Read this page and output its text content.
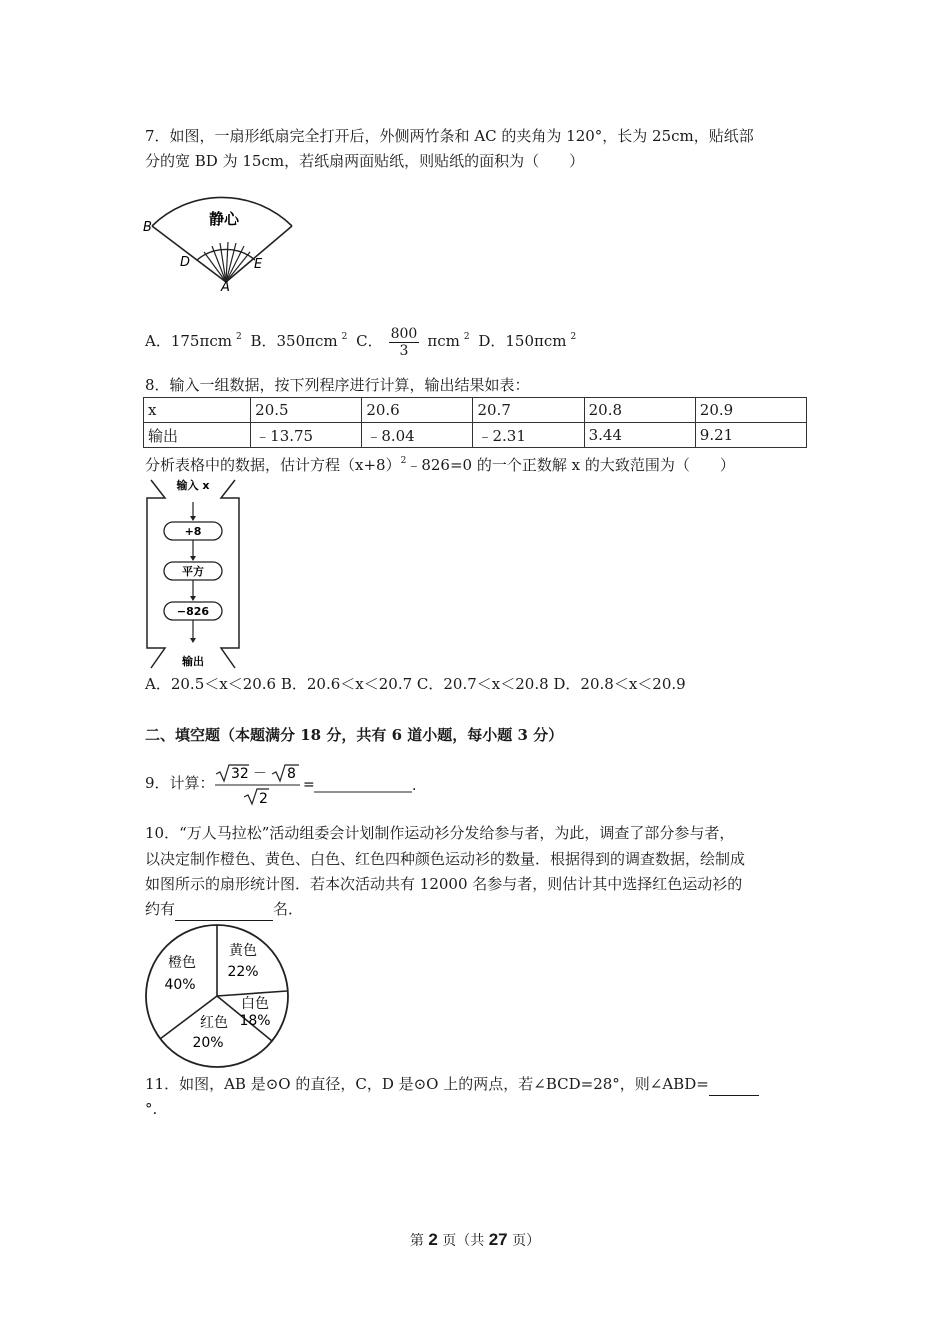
7．如图，一扇形纸扇完全打开后，外侧两竹条和 AC 的夹角为 120°，长为 25cm，贴纸部
分的宽 BD 为 15cm，若纸扇两面贴纸，则贴纸的面积为（　　）
静心
B
D	E
A
A．175πcm $^2$ B．350πcm $^2$ C． $\frac{800}{3}$ πcm $^2$ D．150πcm $^2$
8．输入一组数据，按下列程序进行计算，输出结果如表：
x	20.5	20.6	20.7	20.8	20.9
输出	﹣13.75	﹣8.04	﹣2.31	3.44	9.21
分析表格中的数据，估计方程$(x+8)^2﹣826=0$ 的一个正数解 x 的大致范围为（　　）
输入 x
+8
平方
−826
输出
A．20.5＜x＜20.6 B．20.6＜x＜20.7 C．20.7＜x＜20.8 D．20.8＜x＜20.9
二、填空题（本题满分 18 分，共有 6 道小题，每小题 3 分）
9．计算： 32 － 8
2
=	.
10．“万人马拉松”活动组委会计划制作运动衫分发给参与者，为此，调查了部分参与者，
以决定制作橙色、黄色、白色、红色四种颜色运动衫的数量．根据得到的调查数据，绘制成
如图所示的扇形统计图．若本次活动共有 12000 名参与者，则估计其中选择红色运动衫的
约有	名．
橙色
40%
黄色
22%
白色
18%
红色
20%
11．如图，AB 是⊙O 的直径，C，D 是⊙O 上的两点，若∠BCD=28°，则∠ABD=
°.
第 2 页（共 27 页）
